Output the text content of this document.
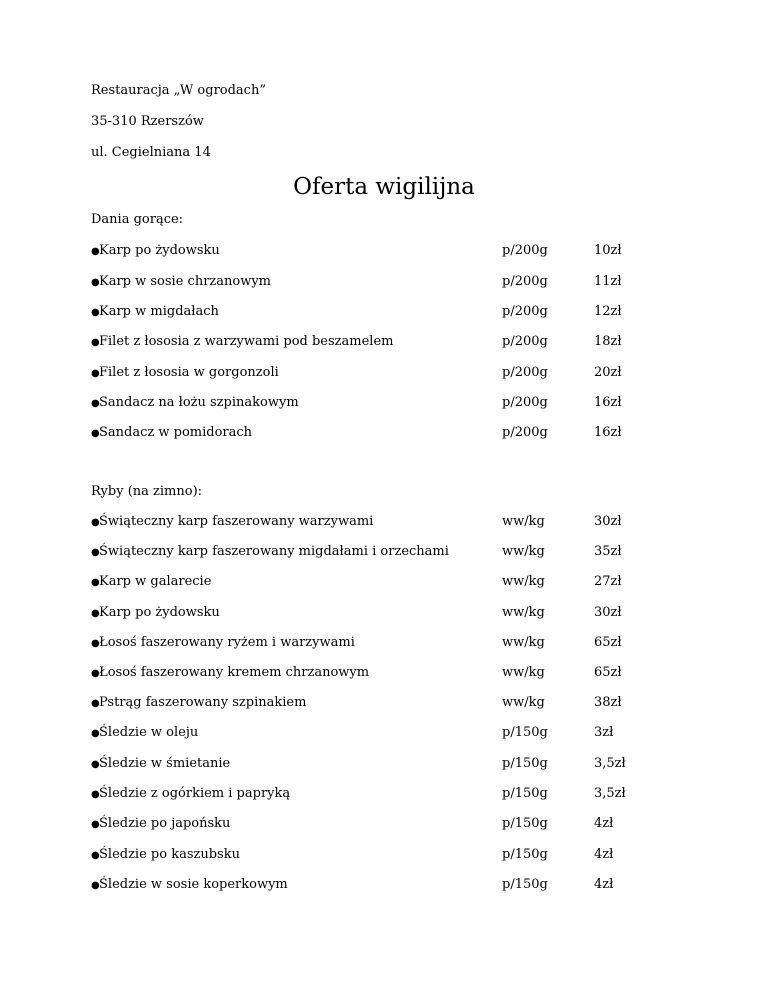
Restauracja „W ogrodach”
35-310 Rzerszów
ul. Cegielniana 14
Oferta wigilijna
Dania gorące:
●Karp po żydowsku	p/200g	10zł
●Karp w sosie chrzanowym	p/200g	11zł
●Karp w migdałach	p/200g	12zł
●Filet z łososia z warzywami pod beszamelem	p/200g	18zł
●Filet z łososia w gorgonzoli	p/200g	20zł
●Sandacz na łożu szpinakowym	p/200g	16zł
●Sandacz w pomidorach	p/200g	16zł
Ryby (na zimno):
●Świąteczny karp faszerowany warzywami	ww/kg	30zł
●Świąteczny karp faszerowany migdałami i orzechami	ww/kg	35zł
●Karp w galarecie	ww/kg	27zł
●Karp po żydowsku	ww/kg	30zł
●Łosoś faszerowany ryżem i warzywami	ww/kg	65zł
●Łosoś faszerowany kremem chrzanowym	ww/kg	65zł
●Pstrąg faszerowany szpinakiem	ww/kg	38zł
●Śledzie w oleju	p/150g	3zł
●Śledzie w śmietanie	p/150g	3,5zł
●Śledzie z ogórkiem i papryką	p/150g	3,5zł
●Śledzie po japońsku	p/150g	4zł
●Śledzie po kaszubsku	p/150g	4zł
●Śledzie w sosie koperkowym	p/150g	4zł
